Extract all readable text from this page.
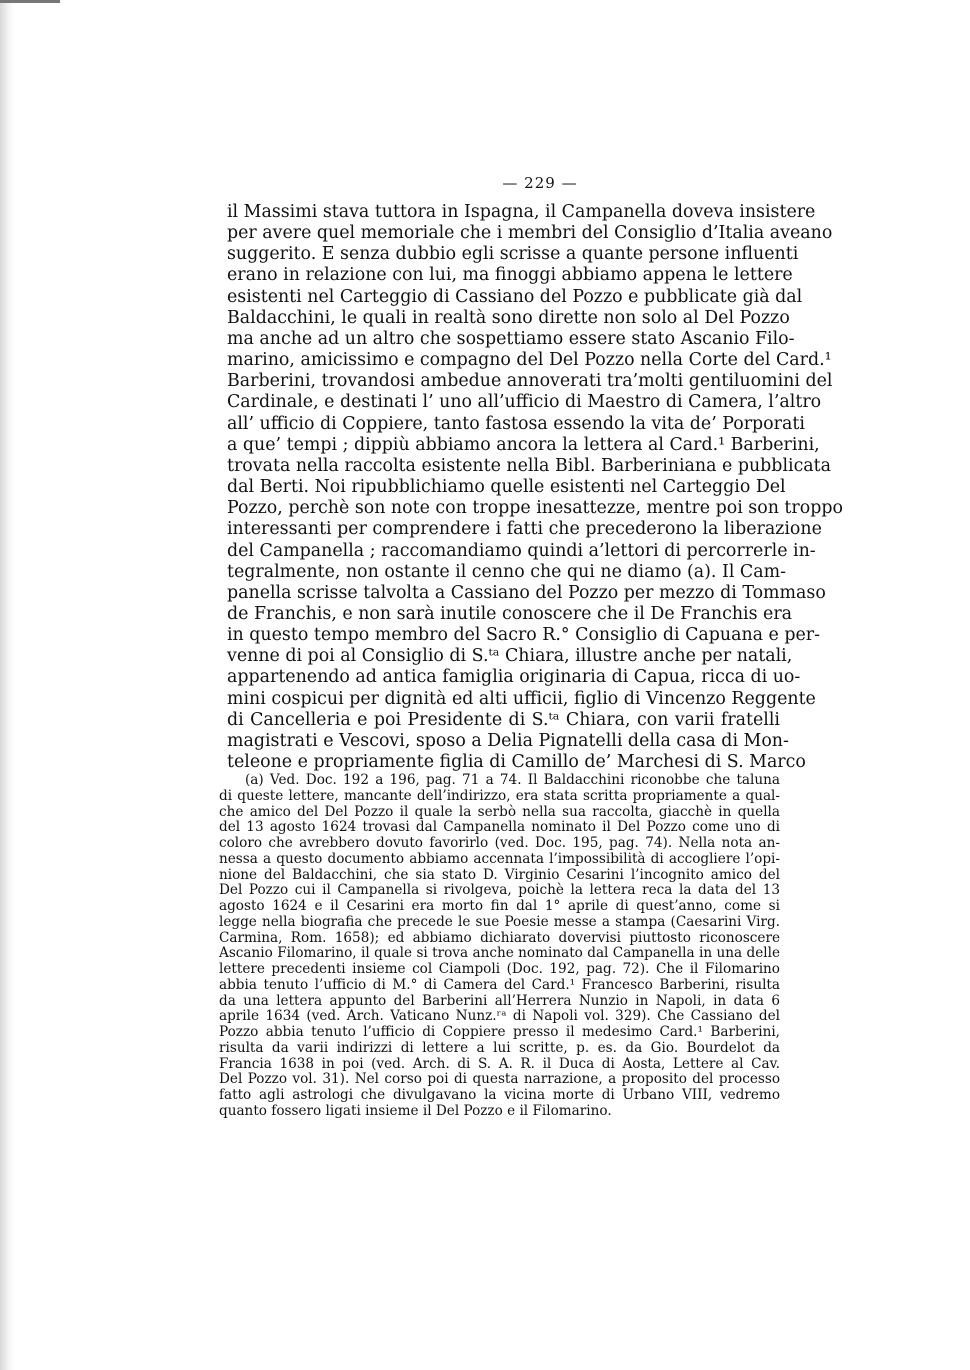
— 229 —
il Massimi stava tuttora in Ispagna, il Campanella doveva insistere
per avere quel memoriale che i membri del Consiglio d’Italia aveano
suggerito. E senza dubbio egli scrisse a quante persone influenti
erano in relazione con lui, ma finoggi abbiamo appena le lettere
esistenti nel Carteggio di Cassiano del Pozzo e pubblicate già dal
Baldacchini, le quali in realtà sono dirette non solo al Del Pozzo
ma anche ad un altro che sospettiamo essere stato Ascanio Filo-
marino, amicissimo e compagno del Del Pozzo nella Corte del Card.¹
Barberini, trovandosi ambedue annoverati tra’molti gentiluomini del
Cardinale, e destinati l’ uno all’ufficio di Maestro di Camera, l’altro
all’ ufficio di Coppiere, tanto fastosa essendo la vita de’ Porporati
a que’ tempi ; dippiù abbiamo ancora la lettera al Card.¹ Barberini,
trovata nella raccolta esistente nella Bibl. Barberiniana e pubblicata
dal Berti. Noi ripubblichiamo quelle esistenti nel Carteggio Del
Pozzo, perchè son note con troppe inesattezze, mentre poi son troppo
interessanti per comprendere i fatti che precederono la liberazione
del Campanella ; raccomandiamo quindi a’lettori di percorrerle in-
tegralmente, non ostante il cenno che qui ne diamo (a). Il Cam-
panella scrisse talvolta a Cassiano del Pozzo per mezzo di Tommaso
de Franchis, e non sarà inutile conoscere che il De Franchis era
in questo tempo membro del Sacro R.° Consiglio di Capuana e per-
venne di poi al Consiglio di S.ᵗᵃ Chiara, illustre anche per natali,
appartenendo ad antica famiglia originaria di Capua, ricca di uo-
mini cospicui per dignità ed alti ufficii, figlio di Vincenzo Reggente
di Cancelleria e poi Presidente di S.ᵗᵃ Chiara, con varii fratelli
magistrati e Vescovi, sposo a Delia Pignatelli della casa di Mon-
teleone e propriamente figlia di Camillo de’ Marchesi di S. Marco
(a) Ved. Doc. 192 a 196, pag. 71 a 74. Il Baldacchini riconobbe che taluna
di queste lettere, mancante dell’indirizzo, era stata scritta propriamente a qual-
che amico del Del Pozzo il quale la serbò nella sua raccolta, giacchè in quella
del 13 agosto 1624 trovasi dal Campanella nominato il Del Pozzo come uno di
coloro che avrebbero dovuto favorirlo (ved. Doc. 195, pag. 74). Nella nota an-
nessa a questo documento abbiamo accennata l’impossibilità di accogliere l’opi-
nione del Baldacchini, che sia stato D. Virginio Cesarini l’incognito amico del
Del Pozzo cui il Campanella si rivolgeva, poichè la lettera reca la data del 13
agosto 1624 e il Cesarini era morto fin dal 1° aprile di quest’anno, come si
legge nella biografia che precede le sue Poesie messe a stampa (Caesarini Virg.
Carmina, Rom. 1658); ed abbiamo dichiarato dovervisi piuttosto riconoscere
Ascanio Filomarino, il quale si trova anche nominato dal Campanella in una delle
lettere precedenti insieme col Ciampoli (Doc. 192, pag. 72). Che il Filomarino
abbia tenuto l’ufficio di M.° di Camera del Card.¹ Francesco Barberini, risulta
da una lettera appunto del Barberini all’Herrera Nunzio in Napoli, in data 6
aprile 1634 (ved. Arch. Vaticano Nunz.ʳᵃ di Napoli vol. 329). Che Cassiano del
Pozzo abbia tenuto l’ufficio di Coppiere presso il medesimo Card.¹ Barberini,
risulta da varii indirizzi di lettere a lui scritte, p. es. da Gio. Bourdelot da
Francia 1638 in poi (ved. Arch. di S. A. R. il Duca di Aosta, Lettere al Cav.
Del Pozzo vol. 31). Nel corso poi di questa narrazione, a proposito del processo
fatto agli astrologi che divulgavano la vicina morte di Urbano VIII, vedremo
quanto fossero ligati insieme il Del Pozzo e il Filomarino.
